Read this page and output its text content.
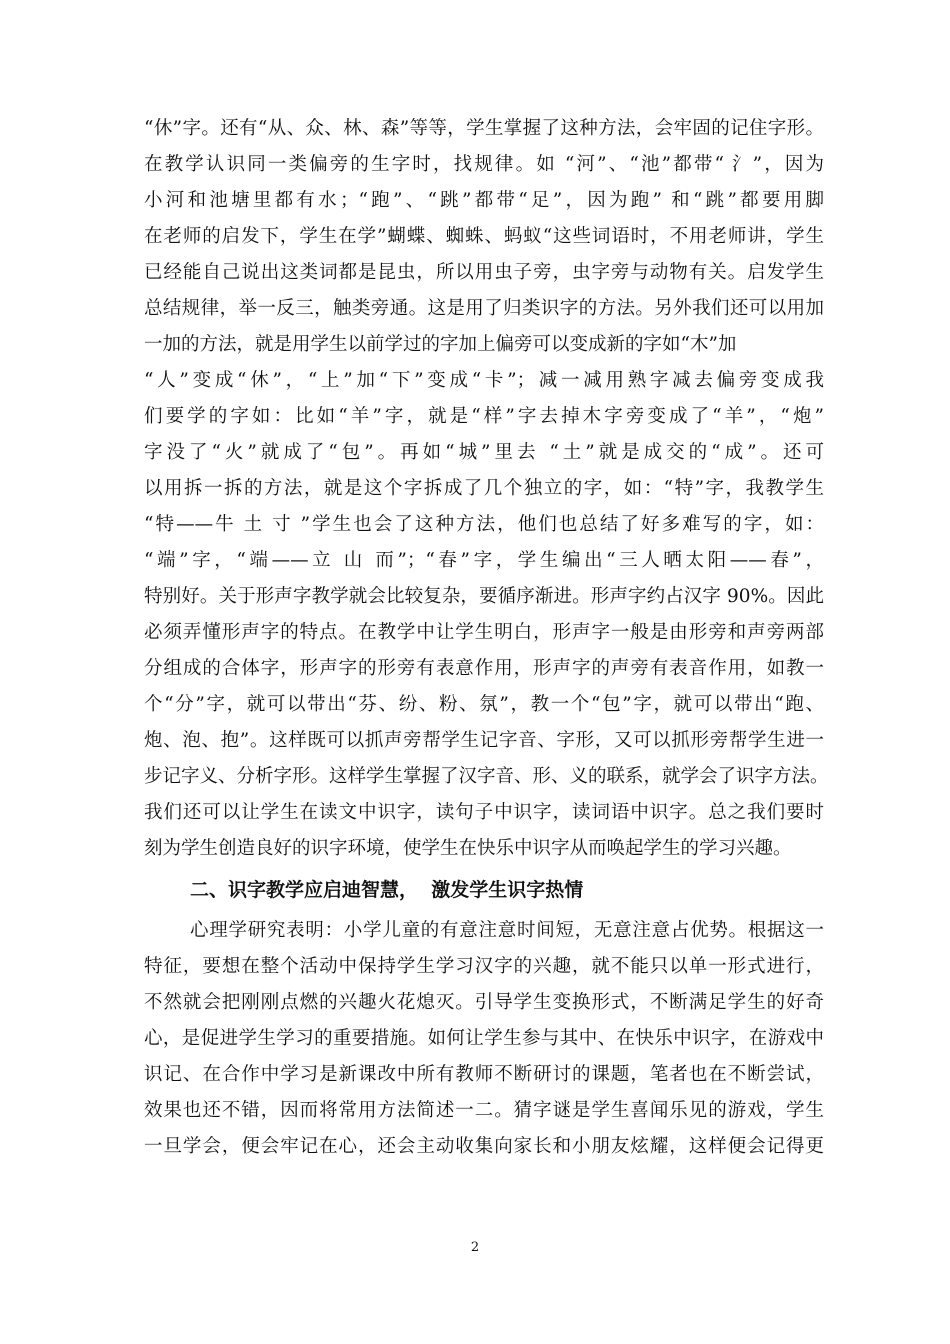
“休”字。还有“从、众、林、森”等等，学生掌握了这种方法，会牢固的记住字形。
在教学认识同一类偏旁的生字时，找规律。如 “河”、“池”都带“ 氵”，因为
小河和池塘里都有水；“跑”、“跳”都带“足”，因为跑” 和“跳”都要用脚
在老师的启发下，学生在学”蝴蝶、蜘蛛、蚂蚁“这些词语时，不用老师讲，学生
已经能自己说出这类词都是昆虫，所以用虫子旁，虫字旁与动物有关。启发学生
总结规律，举一反三，触类旁通。这是用了归类识字的方法。另外我们还可以用加
一加的方法，就是用学生以前学过的字加上偏旁可以变成新的字如“木”加
“人”变成“休”，“上”加“下”变成“卡”；减一减用熟字减去偏旁变成我
们要学的字如：比如“羊”字，就是“样”字去掉木字旁变成了“羊”，“炮”
字没了“火”就成了“包”。再如“城”里去 “土”就是成交的“成”。还可
以用拆一拆的方法，就是这个字拆成了几个独立的字，如：“特”字，我教学生
“特——牛 土 寸 ”学生也会了这种方法，他们也总结了好多难写的字，如：
“端”字，“端——立 山 而”；“春”字，学生编出“三人晒太阳——春”，
特别好。关于形声字教学就会比较复杂，要循序渐进。形声字约占汉字 90%。因此
必须弄懂形声字的特点。在教学中让学生明白，形声字一般是由形旁和声旁两部
分组成的合体字，形声字的形旁有表意作用，形声字的声旁有表音作用，如教一
个“分”字，就可以带出“芬、纷、粉、氛”，教一个“包”字，就可以带出“跑、
炮、泡、抱”。这样既可以抓声旁帮学生记字音、字形，又可以抓形旁帮学生进一
步记字义、分析字形。这样学生掌握了汉字音、形、义的联系，就学会了识字方法。
我们还可以让学生在读文中识字，读句子中识字，读词语中识字。总之我们要时
刻为学生创造良好的识字环境，使学生在快乐中识字从而唤起学生的学习兴趣。
二、识字教学应启迪智慧，  激发学生识字热情
心理学研究表明：小学儿童的有意注意时间短，无意注意占优势。根据这一
特征，要想在整个活动中保持学生学习汉字的兴趣，就不能只以单一形式进行，
不然就会把刚刚点燃的兴趣火花熄灭。引导学生变换形式，不断满足学生的好奇
心，是促进学生学习的重要措施。如何让学生参与其中、在快乐中识字，在游戏中
识记、在合作中学习是新课改中所有教师不断研讨的课题，笔者也在不断尝试，
效果也还不错，因而将常用方法简述一二。猜字谜是学生喜闻乐见的游戏，学生
一旦学会，便会牢记在心，还会主动收集向家长和小朋友炫耀，这样便会记得更
2
